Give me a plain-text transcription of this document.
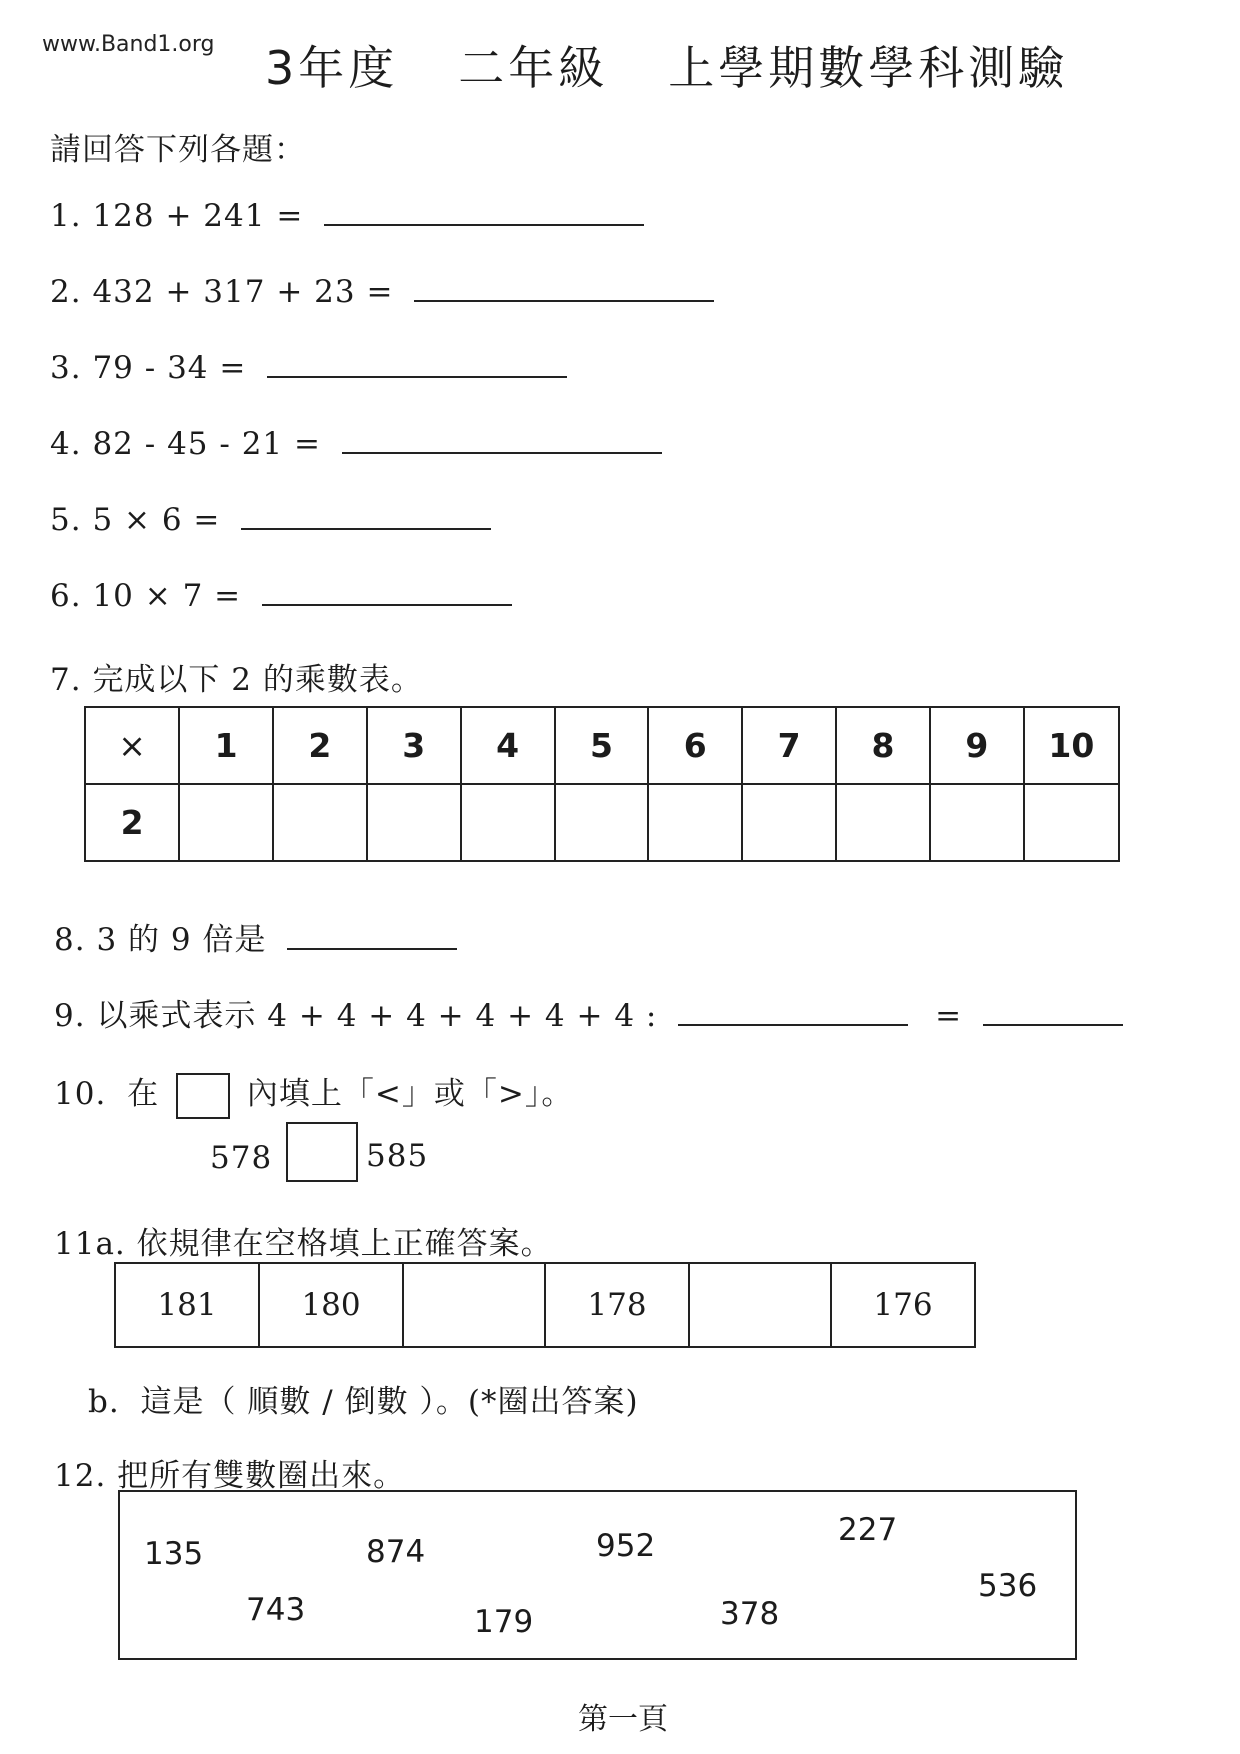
www.Band1.org 3年度 二年級 上學期數學科測驗
請回答下列各題：
1. 128 + 241 =
2. 432 + 317 + 23 =
3. 79 - 34 =
4. 82 - 45 - 21 =
5. 5 × 6 =
6. 10 × 7 =
7. 完成以下 2 的乘數表。
×	1	2	3	4	5	6	7	8	9	10
2										
8. 3 的 9 倍是
9. 以乘式表示 4 + 4 + 4 + 4 + 4 + 4 :	=
10. 在	內填上「<」或「>」。
578	585
11a. 依規律在空格填上正確答案。
181	180		178		176
b. 這是（ 順數 / 倒數 ）。(*圈出答案)
12. 把所有雙數圈出來。
135	874	952	227
743	179	378
536
第一頁
